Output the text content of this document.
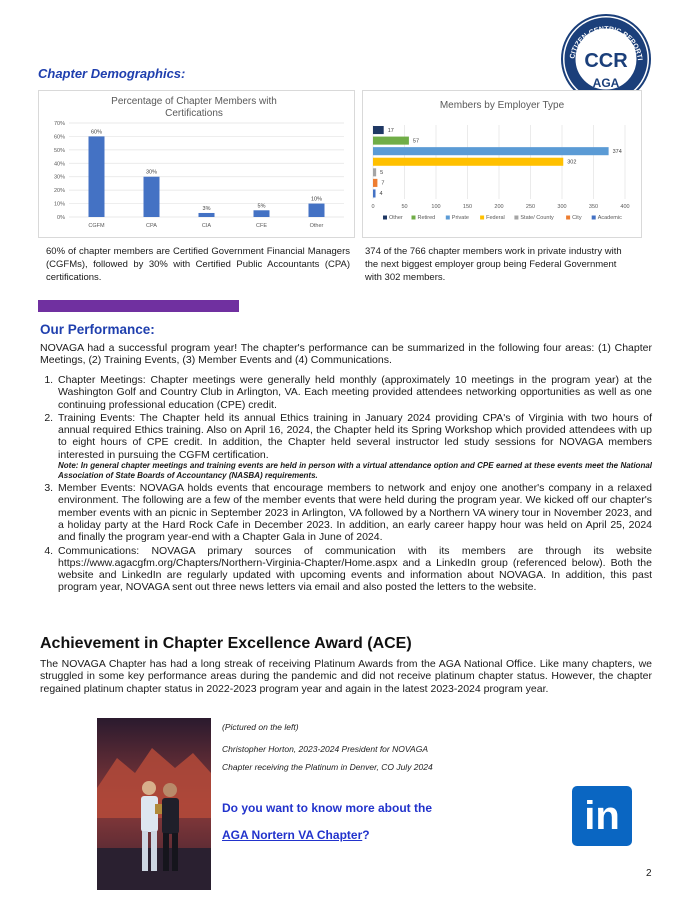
CITIZEN-CENTRIC REPORTI
CCR
AGA
Chapter Demographics:
Percentage of Chapter Members with Certifications
70%
60%
50%
40%
30%
20%
10%
0%
60%
CGFM
30%
CPA
3%
CIA
5%
CFE
10%
Other
Members by Employer Type
0	50	100	150	200	250	300	350	400
17
57
374
302
5
7
4
Other	Retired	Private	Federal	State/ County	City	Academic
60% of chapter members are Certified Government Financial Managers (CGFMs), followed by 30% with Certified Public Accountants (CPA) certifications.
374 of the 766 chapter members work in private industry with the next biggest employer group being Federal Government with 302 members.
Our Performance:
NOVAGA had a successful program year! The chapter's performance can be summarized in the following four areas: (1) Chapter Meetings, (2) Training Events, (3) Member Events and (4) Communications.
1. Chapter Meetings: Chapter meetings were generally held monthly (approximately 10 meetings in the program year) at the Washington Golf and Country Club in Arlington, VA. Each meeting provided attendees networking opportunities as well as one continuing professional education (CPE) credit.
2. Training Events: The Chapter held its annual Ethics training in January 2024 providing CPA's of Virginia with two hours of annual required Ethics training. Also on April 16, 2024, the Chapter held its Spring Workshop which provided attendees with up to eight hours of CPE credit. In addition, the Chapter held several instructor led study sessions for NOVAGA members interested in pursuing the CGFM certification.
Note: In general chapter meetings and training events are held in person with a virtual attendance option and CPE earned at these events meet the National Association of State Boards of Accountancy (NASBA) requirements.
3. Member Events: NOVAGA holds events that encourage members to network and enjoy one another's company in a relaxed environment. The following are a few of the member events that were held during the program year. We kicked off our chapter's member events with an picnic in September 2023 in Arlington, VA followed by a Northern VA winery tour in November 2023, and a holiday party at the Hard Rock Cafe in December 2023. In addition, an early career happy hour was held on April 25, 2024 and finally the program year-end with a Chapter Gala in June of 2024.
4. Communications: NOVAGA primary sources of communication with its members are through its website https://www.agacgfm.org/Chapters/Northern-Virginia-Chapter/Home.aspx and a LinkedIn group (referenced below). Both the website and LinkedIn are regularly updated with upcoming events and information about NOVAGA. In addition, this past program year, NOVAGA sent out three news letters via email and also posted the letters to the website.
Achievement in Chapter Excellence Award (ACE)
The NOVAGA Chapter has had a long streak of receiving Platinum Awards from the AGA National Office. Like many chapters, we struggled in some key performance areas during the pandemic and did not receive platinum chapter status. However, the chapter regained platinum chapter status in 2022-2023 program year and again in the latest 2023-2024 program year.
(Pictured on the left)
Christopher Horton, 2023-2024 President for NOVAGA Chapter receiving the Platinum in Denver, CO July 2024
Do you want to know more about the
AGA Nortern VA Chapter?	in
2
